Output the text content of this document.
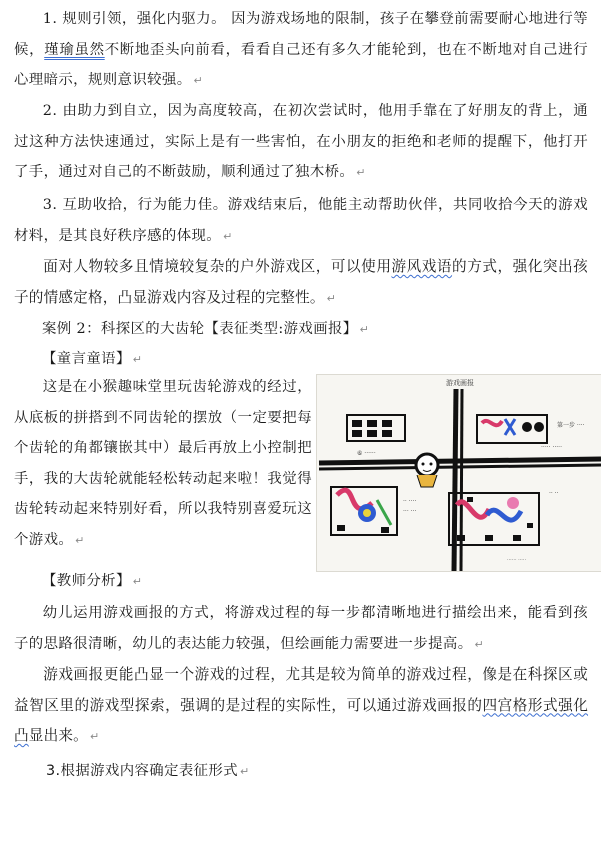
1. 规则引领，强化内驱力。 因为游戏场地的限制，孩子在攀登前需要耐心地进行等候，瑾瑜虽然不断地歪头向前看，看看自己还有多久才能轮到，也在不断地对自己进行心理暗示，规则意识较强。 ↵

2. 由助力到自立，因为高度较高，在初次尝试时，他用手靠在了好朋友的背上，通过这种方法快速通过，实际上是有一些害怕，在小朋友的拒绝和老师的提醒下，他打开了手，通过对自己的不断鼓励，顺利通过了独木桥。 ↵

3. 互助收拾，行为能力佳。游戏结束后，他能主动帮助伙伴，共同收拾今天的游戏材料，是其良好秩序感的体现。 ↵

面对人物较多且情境较复杂的户外游戏区，可以使用游风戏语的方式，强化突出孩子的情感定格，凸显游戏内容及过程的完整性。 ↵

案例 2：科探区的大齿轮【表征类型:游戏画报】 ↵

【童言童语】 ↵

这是在小猴趣味堂里玩齿轮游戏的经过，从底板的拼搭到不同齿轮的摆放（一定要把每个齿轮的角都镶嵌其中）最后再放上小控制把手，我的大齿轮就能轻松转动起来啦！我觉得齿轮转动起来特别好看，所以我特别喜爱玩这个游戏。 ↵

游戏画报
⑥ ······
第一步 ····
····· ·····
·· ····
··· ···
·· ··
······ ·····

【教师分析】 ↵

幼儿运用游戏画报的方式，将游戏过程的每一步都清晰地进行描绘出来，能看到孩子的思路很清晰，幼儿的表达能力较强，但绘画能力需要进一步提高。 ↵

游戏画报更能凸显一个游戏的过程，尤其是较为简单的游戏过程，像是在科探区或益智区里的游戏型探索，强调的是过程的实际性，可以通过游戏画报的四宫格形式强化凸显出来。 ↵

3.根据游戏内容确定表征形式 ↵
